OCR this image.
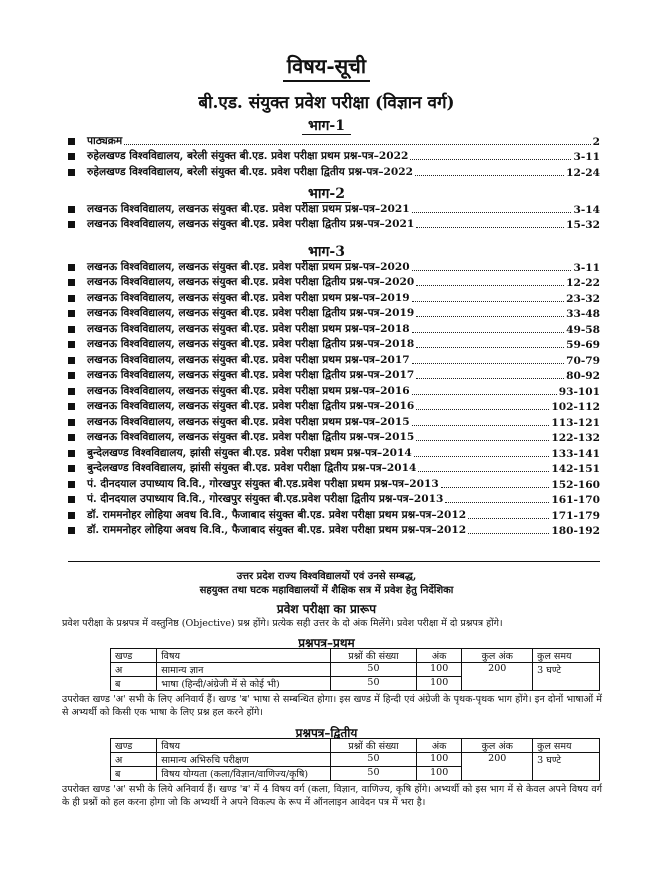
विषय-सूची
बी.एड. संयुक्त प्रवेश परीक्षा (विज्ञान वर्ग)
भाग-1
पाठ्यक्रम	2
रुहेलखण्ड विश्वविद्यालय, बरेली संयुक्त बी.एड. प्रवेश परीक्षा प्रथम प्रश्न-पत्र–2022	3-11
रुहेलखण्ड विश्वविद्यालय, बरेली संयुक्त बी.एड. प्रवेश परीक्षा द्वितीय प्रश्न-पत्र–2022	12-24
भाग-2
लखनऊ विश्वविद्यालय, लखनऊ संयुक्त बी.एड. प्रवेश परीक्षा प्रथम प्रश्न-पत्र–2021	3-14
लखनऊ विश्वविद्यालय, लखनऊ संयुक्त बी.एड. प्रवेश परीक्षा द्वितीय प्रश्न-पत्र–2021	15-32
भाग-3
लखनऊ विश्वविद्यालय, लखनऊ संयुक्त बी.एड. प्रवेश परीक्षा प्रथम प्रश्न-पत्र–2020	3-11
लखनऊ विश्वविद्यालय, लखनऊ संयुक्त बी.एड. प्रवेश परीक्षा द्वितीय प्रश्न-पत्र–2020	12-22
लखनऊ विश्वविद्यालय, लखनऊ संयुक्त बी.एड. प्रवेश परीक्षा प्रथम प्रश्न-पत्र–2019	23-32
लखनऊ विश्वविद्यालय, लखनऊ संयुक्त बी.एड. प्रवेश परीक्षा द्वितीय प्रश्न-पत्र–2019	33-48
लखनऊ विश्वविद्यालय, लखनऊ संयुक्त बी.एड. प्रवेश परीक्षा प्रथम प्रश्न-पत्र–2018	49-58
लखनऊ विश्वविद्यालय, लखनऊ संयुक्त बी.एड. प्रवेश परीक्षा द्वितीय प्रश्न-पत्र–2018	59-69
लखनऊ विश्वविद्यालय, लखनऊ संयुक्त बी.एड. प्रवेश परीक्षा प्रथम प्रश्न-पत्र–2017	70-79
लखनऊ विश्वविद्यालय, लखनऊ संयुक्त बी.एड. प्रवेश परीक्षा द्वितीय प्रश्न-पत्र–2017	80-92
लखनऊ विश्वविद्यालय, लखनऊ संयुक्त बी.एड. प्रवेश परीक्षा प्रथम प्रश्न-पत्र–2016	93-101
लखनऊ विश्वविद्यालय, लखनऊ संयुक्त बी.एड. प्रवेश परीक्षा द्वितीय प्रश्न-पत्र–2016	102-112
लखनऊ विश्वविद्यालय, लखनऊ संयुक्त बी.एड. प्रवेश परीक्षा प्रथम प्रश्न-पत्र–2015	113-121
लखनऊ विश्वविद्यालय, लखनऊ संयुक्त बी.एड. प्रवेश परीक्षा द्वितीय प्रश्न-पत्र–2015	122-132
बुन्देलखण्ड विश्वविद्यालय, झांसी संयुक्त बी.एड. प्रवेश परीक्षा प्रथम प्रश्न-पत्र–2014	133-141
बुन्देलखण्ड विश्वविद्यालय, झांसी संयुक्त बी.एड. प्रवेश परीक्षा द्वितीय प्रश्न-पत्र–2014	142-151
पं. दीनदयाल उपाध्याय वि.वि., गोरखपुर संयुक्त बी.एड.प्रवेश परीक्षा प्रथम प्रश्न-पत्र–2013	152-160
पं. दीनदयाल उपाध्याय वि.वि., गोरखपुर संयुक्त बी.एड.प्रवेश परीक्षा द्वितीय प्रश्न-पत्र–2013	161-170
डॉ. राममनोहर लोहिया अवध वि.वि., फैजाबाद संयुक्त बी.एड. प्रवेश परीक्षा प्रथम प्रश्न-पत्र–2012	171-179
डॉ. राममनोहर लोहिया अवध वि.वि., फैजाबाद संयुक्त बी.एड. प्रवेश परीक्षा प्रथम प्रश्न-पत्र–2012	180-192
उत्तर प्रदेश राज्य विश्वविद्यालयों एवं उनसे सम्बद्ध,
सहयुक्त तथा घटक महाविद्यालयों में शैक्षिक सत्र में प्रवेश हेतु निर्देशिका
प्रवेश परीक्षा का प्रारूप
प्रवेश परीक्षा के प्रश्नपत्र में वस्तुनिष्ठ (Objective) प्रश्न होंगे। प्रत्येक सही उत्तर के दो अंक मिलेंगे। प्रवेश परीक्षा में दो प्रश्नपत्र होंगे।
प्रश्नपत्र–प्रथम
खण्ड	विषय	प्रश्नों की संख्या	अंक	कुल अंक	कुल समय
अ	सामान्य ज्ञान	50	100	200	3 घण्टे
ब	भाषा (हिन्दी/अंग्रेजी में से कोई भी)	50	100		
उपरोक्त खण्ड 'अ' सभी के लिए अनिवार्य हैं। खण्ड 'ब' भाषा से सम्बन्धित होगा। इस खण्ड में हिन्दी एवं अंग्रेजी के पृथक-पृथक भाग होंगे। इन दोनों भाषाओं में से अभ्यर्थी को किसी एक भाषा के लिए प्रश्न हल करने होंगे।
प्रश्नपत्र–द्वितीय
खण्ड	विषय	प्रश्नों की संख्या	अंक	कुल अंक	कुल समय
अ	सामान्य अभिरुचि परीक्षण	50	100	200	3 घण्टे
ब	विषय योग्यता (कला/विज्ञान/वाणिज्य/कृषि)	50	100		
उपरोक्त खण्ड 'अ' सभी के लिये अनिवार्य हैं। खण्ड 'ब' में 4 विषय वर्ग (कला, विज्ञान, वाणिज्य, कृषि होंगे। अभ्यर्थी को इस भाग में से केवल अपने विषय वर्ग के ही प्रश्नों को हल करना होगा जो कि अभ्यर्थी ने अपने विकल्प के रूप में ऑनलाइन आवेदन पत्र में भरा है।
